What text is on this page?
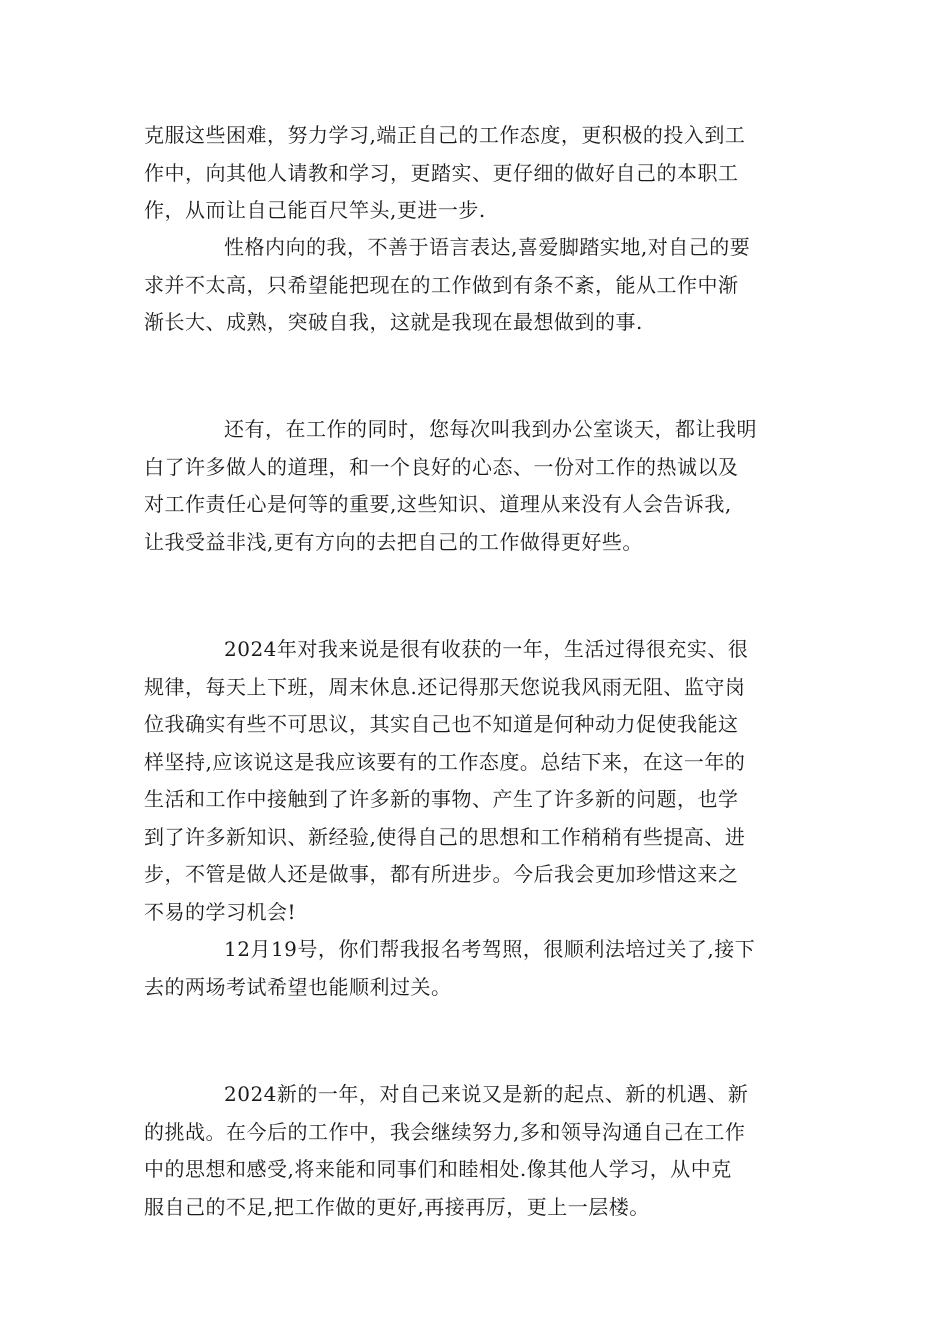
克服这些困难，努力学习,端正自己的工作态度，更积极的投入到工
作中，向其他人请教和学习，更踏实、更仔细的做好自己的本职工
作，从而让自己能百尺竿头,更进一步.
性格内向的我，不善于语言表达,喜爱脚踏实地,对自己的要
求并不太高，只希望能把现在的工作做到有条不紊，能从工作中渐
渐长大、成熟，突破自我，这就是我现在最想做到的事.
还有，在工作的同时，您每次叫我到办公室谈天，都让我明
白了许多做人的道理，和一个良好的心态、一份对工作的热诚以及
对工作责任心是何等的重要,这些知识、道理从来没有人会告诉我,
让我受益非浅,更有方向的去把自己的工作做得更好些。
2024年对我来说是很有收获的一年，生活过得很充实、很
规律，每天上下班，周末休息.还记得那天您说我风雨无阻、监守岗
位我确实有些不可思议，其实自己也不知道是何种动力促使我能这
样坚持,应该说这是我应该要有的工作态度。总结下来，在这一年的
生活和工作中接触到了许多新的事物、产生了许多新的问题，也学
到了许多新知识、新经验,使得自己的思想和工作稍稍有些提高、进
步，不管是做人还是做事，都有所进步。今后我会更加珍惜这来之
不易的学习机会!
12月19号，你们帮我报名考驾照，很顺利法培过关了,接下
去的两场考试希望也能顺利过关。
2024新的一年，对自己来说又是新的起点、新的机遇、新
的挑战。在今后的工作中，我会继续努力,多和领导沟通自己在工作
中的思想和感受,将来能和同事们和睦相处.像其他人学习，从中克
服自己的不足,把工作做的更好,再接再厉，更上一层楼。
